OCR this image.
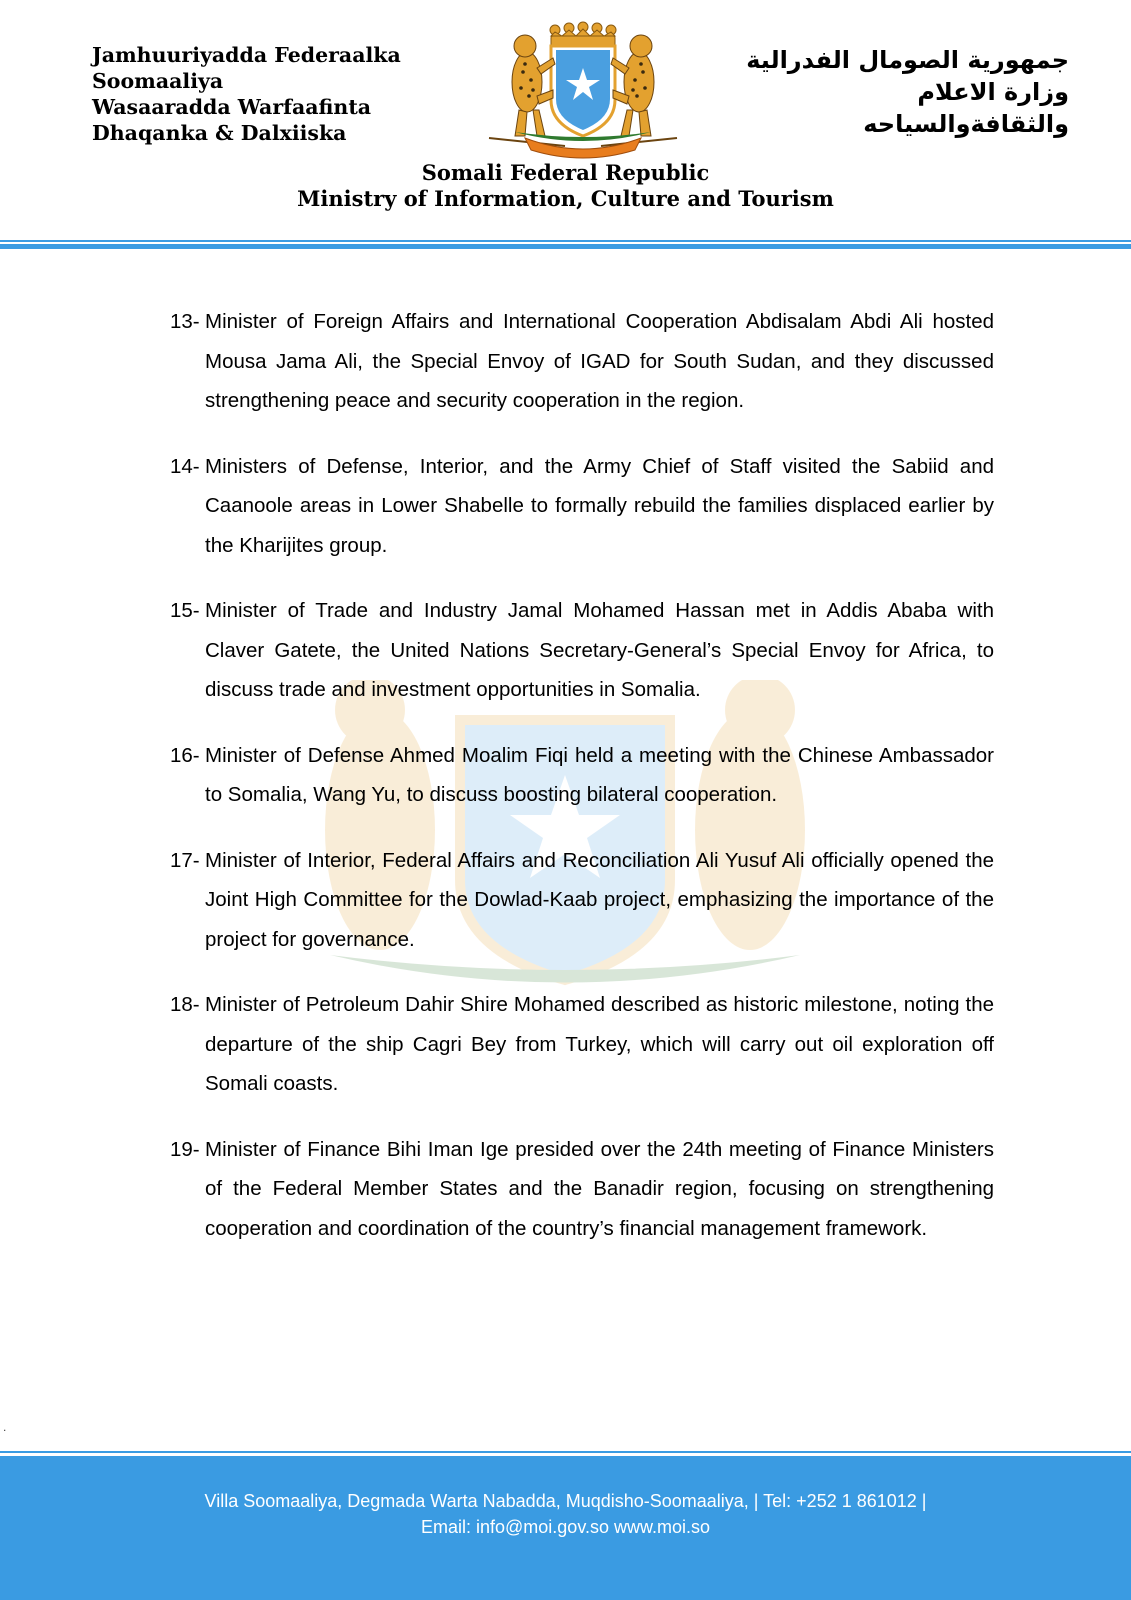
Jamhuuriyadda Federaalka
Soomaaliya
Wasaaradda Warfaafinta
Dhaqanka & Dalxiiska
جمهورية الصومال الفدرالية
وزارة الاعلام
والثقافةوالسياحه
Somali Federal Republic
Ministry of Information, Culture and Tourism
13- Minister of Foreign Affairs and International Cooperation Abdisalam Abdi Ali hosted Mousa Jama Ali, the Special Envoy of IGAD for South Sudan, and they discussed strengthening peace and security cooperation in the region.
14- Ministers of Defense, Interior, and the Army Chief of Staff visited the Sabiid and Caanoole areas in Lower Shabelle to formally rebuild the families displaced earlier by the Kharijites group.
15- Minister of Trade and Industry Jamal Mohamed Hassan met in Addis Ababa with Claver Gatete, the United Nations Secretary-General’s Special Envoy for Africa, to discuss trade and investment opportunities in Somalia.
16- Minister of Defense Ahmed Moalim Fiqi held a meeting with the Chinese Ambassador to Somalia, Wang Yu, to discuss boosting bilateral cooperation.
17- Minister of Interior, Federal Affairs and Reconciliation Ali Yusuf Ali officially opened the Joint High Committee for the Dowlad-Kaab project, emphasizing the importance of the project for governance.
18- Minister of Petroleum Dahir Shire Mohamed described as historic milestone, noting the departure of the ship Cagri Bey from Turkey, which will carry out oil exploration off Somali coasts.
19- Minister of Finance Bihi Iman Ige presided over the 24th meeting of Finance Ministers of the Federal Member States and the Banadir region, focusing on strengthening cooperation and coordination of the country’s financial management framework.
.
Villa Soomaaliya, Degmada Warta Nabadda, Muqdisho-Soomaaliya, | Tel: +252 1 861012 |
Email: info@moi.gov.so www.moi.so
